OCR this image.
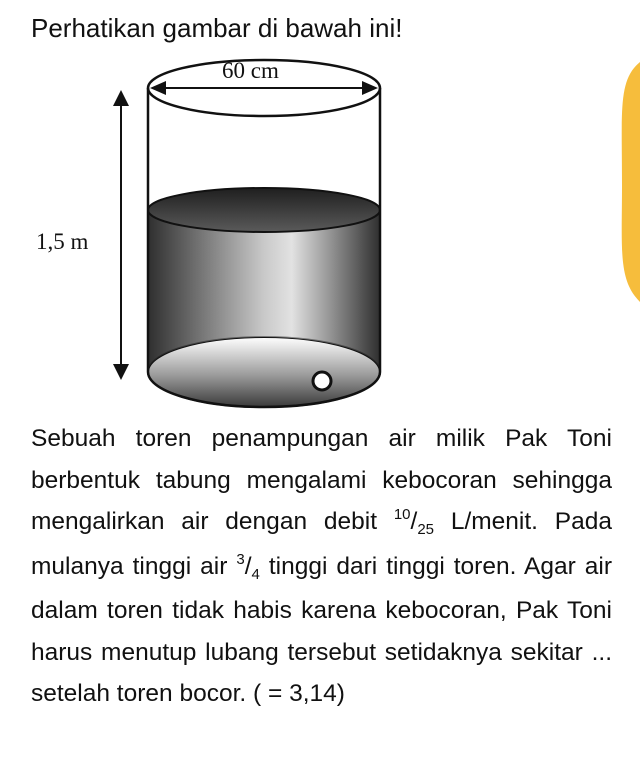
Perhatikan gambar di bawah ini!
60 cm
1,5 m
Sebuah toren penampungan air milik Pak Toni berbentuk tabung mengalami kebocoran sehingga mengalirkan air dengan debit $^{10}/_{25}$ L/menit. Pada mulanya tinggi air $^3/_4$ tinggi dari tinggi toren. Agar air dalam toren tidak habis karena kebocoran, Pak Toni harus menutup lubang tersebut setidaknya sekitar ... setelah toren bocor. ( = 3,14)
